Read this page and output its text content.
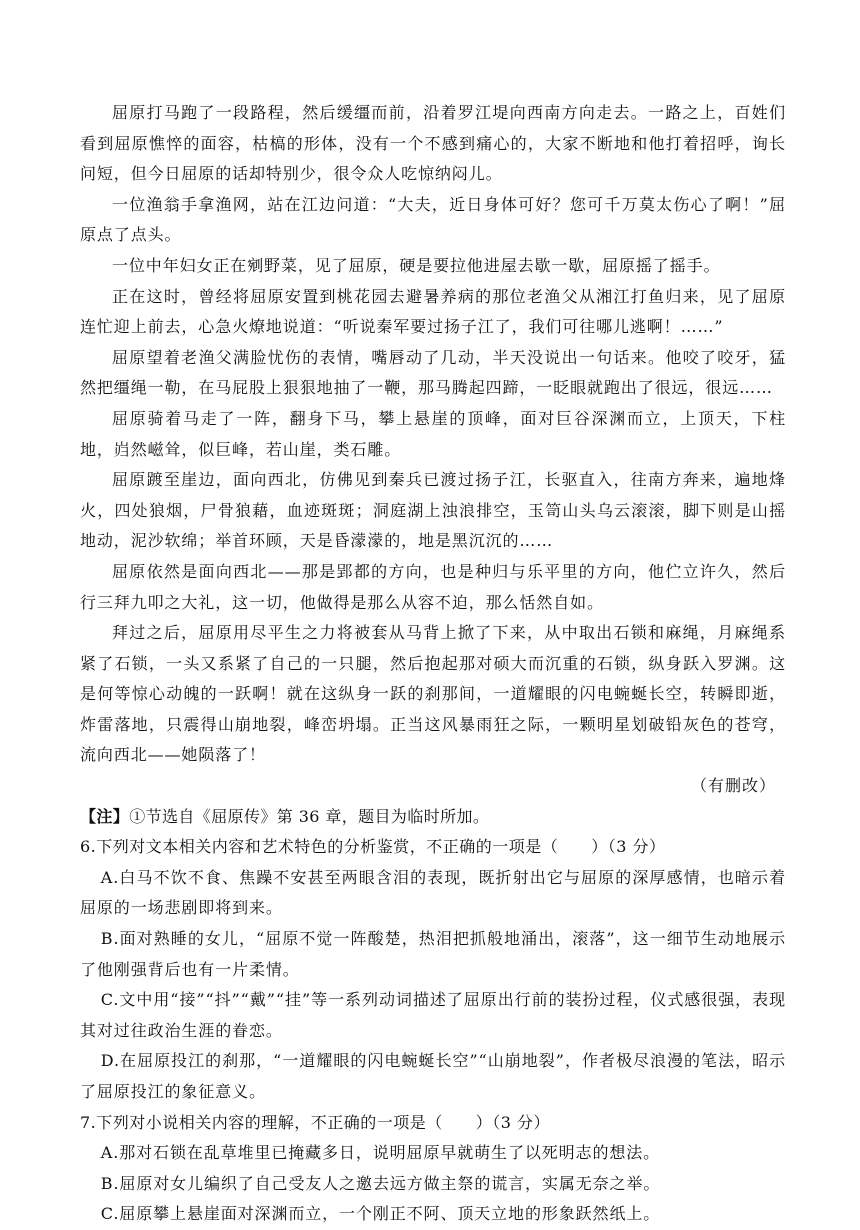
屈原打马跑了一段路程，然后缓缰而前，沿着罗江堤向西南方向走去。一路之上，百姓们看到屈原憔悴的面容，枯槁的形体，没有一个不感到痛心的，大家不断地和他打着招呼，询长问短，但今日屈原的话却特别少，很令众人吃惊纳闷儿。

一位渔翁手拿渔网，站在江边问道：“大夫，近日身体可好？您可千万莫太伤心了啊！”屈原点了点头。

一位中年妇女正在剜野菜，见了屈原，硬是要拉他进屋去歇一歇，屈原摇了摇手。

正在这时，曾经将屈原安置到桃花园去避暑养病的那位老渔父从湘江打鱼归来，见了屈原连忙迎上前去，心急火燎地说道：“听说秦军要过扬子江了，我们可往哪儿逃啊！……”

屈原望着老渔父满脸忧伤的表情，嘴唇动了几动，半天没说出一句话来。他咬了咬牙，猛然把缰绳一勒，在马屁股上狠狠地抽了一鞭，那马腾起四蹄，一眨眼就跑出了很远，很远……

屈原骑着马走了一阵，翻身下马，攀上悬崖的顶峰，面对巨谷深渊而立，上顶天，下柱地，岿然嵫耸，似巨峰，若山崖，类石雕。

屈原踱至崖边，面向西北，仿佛见到秦兵已渡过扬子江，长驱直入，往南方奔来，遍地烽火，四处狼烟，尸骨狼藉，血迹斑斑；洞庭湖上浊浪排空，玉笥山头乌云滚滚，脚下则是山摇地动，泥沙软绵；举首环顾，天是昏濛濛的，地是黑沉沉的……

屈原依然是面向西北——那是郢都的方向，也是种归与乐平里的方向，他伫立许久，然后行三拜九叩之大礼，这一切，他做得是那么从容不迫，那么恬然自如。

拜过之后，屈原用尽平生之力将被套从马背上掀了下来，从中取出石锁和麻绳，月麻绳系紧了石锁，一头又系紧了自己的一只腿，然后抱起那对硕大而沉重的石锁，纵身跃入罗渊。这是何等惊心动魄的一跃啊！就在这纵身一跃的刹那间，一道耀眼的闪电蜿蜒长空，转瞬即逝，炸雷落地，只震得山崩地裂，峰峦坍塌。正当这风暴雨狂之际，一颗明星划破铅灰色的苍穹，流向西北——她陨落了！

（有删改）

【注】①节选自《屈原传》第 36 章，题目为临时所加。

6.下列对文本相关内容和艺术特色的分析鉴赏，不正确的一项是（　　）（3 分）

A.白马不饮不食、焦躁不安甚至两眼含泪的表现，既折射出它与屈原的深厚感情，也暗示着屈原的一场悲剧即将到来。

B.面对熟睡的女儿，“屈原不觉一阵酸楚，热泪把抓般地涌出，滚落”，这一细节生动地展示了他刚强背后也有一片柔情。

C.文中用“接”“抖”“戴”“挂”等一系列动词描述了屈原出行前的装扮过程，仪式感很强，表现其对过往政治生涯的眷恋。

D.在屈原投江的刹那，“一道耀眼的闪电蜿蜒长空”“山崩地裂”，作者极尽浪漫的笔法，昭示了屈原投江的象征意义。

7.下列对小说相关内容的理解，不正确的一项是（　　）（3 分）

A.那对石锁在乱草堆里已掩藏多日，说明屈原早就萌生了以死明志的想法。

B.屈原对女儿编织了自己受友人之邀去远方做主祭的谎言，实属无奈之举。

C.屈原攀上悬崖面对深渊而立，一个刚正不阿、顶天立地的形象跃然纸上。
